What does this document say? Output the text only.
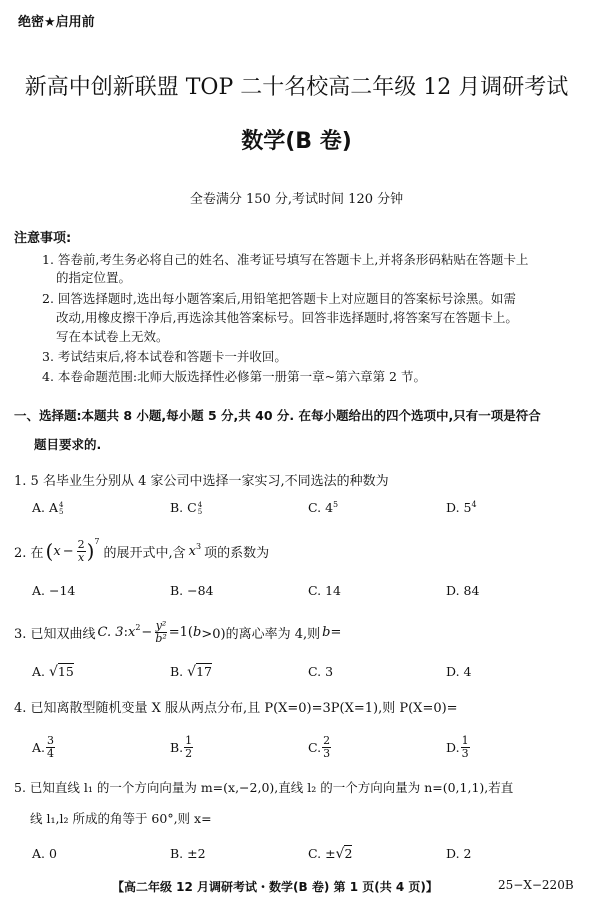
绝密★启用前
新高中创新联盟 TOP 二十名校高二年级 12 月调研考试
数学(B 卷)
全卷满分 150 分,考试时间 120 分钟
注意事项:
1. 答卷前,考生务必将自己的姓名、准考证号填写在答题卡上,并将条形码粘贴在答题卡上
的指定位置。
2. 回答选择题时,选出每小题答案后,用铅笔把答题卡上对应题目的答案标号涂黑。如需
改动,用橡皮擦干净后,再选涂其他答案标号。回答非选择题时,将答案写在答题卡上。
写在本试卷上无效。
3. 考试结束后,将本试卷和答题卡一并收回。
4. 本卷命题范围:北师大版选择性必修第一册第一章~第六章第 2 节。
一、选择题:本题共 8 小题,每小题 5 分,共 40 分. 在每小题给出的四个选项中,只有一项是符合
题目要求的.
1. 5 名毕业生分别从 4 家公司中选择一家实习,不同选法的种数为
A. A 4
5	B. C 4
5	C. $4^5$	D. $5^4$
2. 在 ( $x - \frac{2}{x}$ ) 7
的展开式中,含 x 3 项的系数为
A. −14	B. −84	C. 14	D. 84
3. 已知双曲线 C. 3 : x $2 - \frac{\text{y²}}{\text{b²}} =1$( b >0)的离心率为 4,则 b =
A. √15	B. √17	C. 3	D. 4
4. 已知离散型随机变量 X 服从两点分布,且 P(X=0)=3P(X=1),则 P(X=0)=
A. $\frac{3}{4}$	B. $\frac{1}{2}$	C. $\frac{2}{3}$	D. $\frac{1}{3}$
5. 已知直线 l₁ 的一个方向向量为 m=(x,−2,0),直线 l₂ 的一个方向向量为 n=(0,1,1),若直
线 l₁,l₂ 所成的角等于 60°,则 x=
A. 0	B. ±2	C. ±√2	D. 2
【高二年级 12 月调研考试・数学(B 卷) 第 1 页(共 4 页)】	25−X−220B
